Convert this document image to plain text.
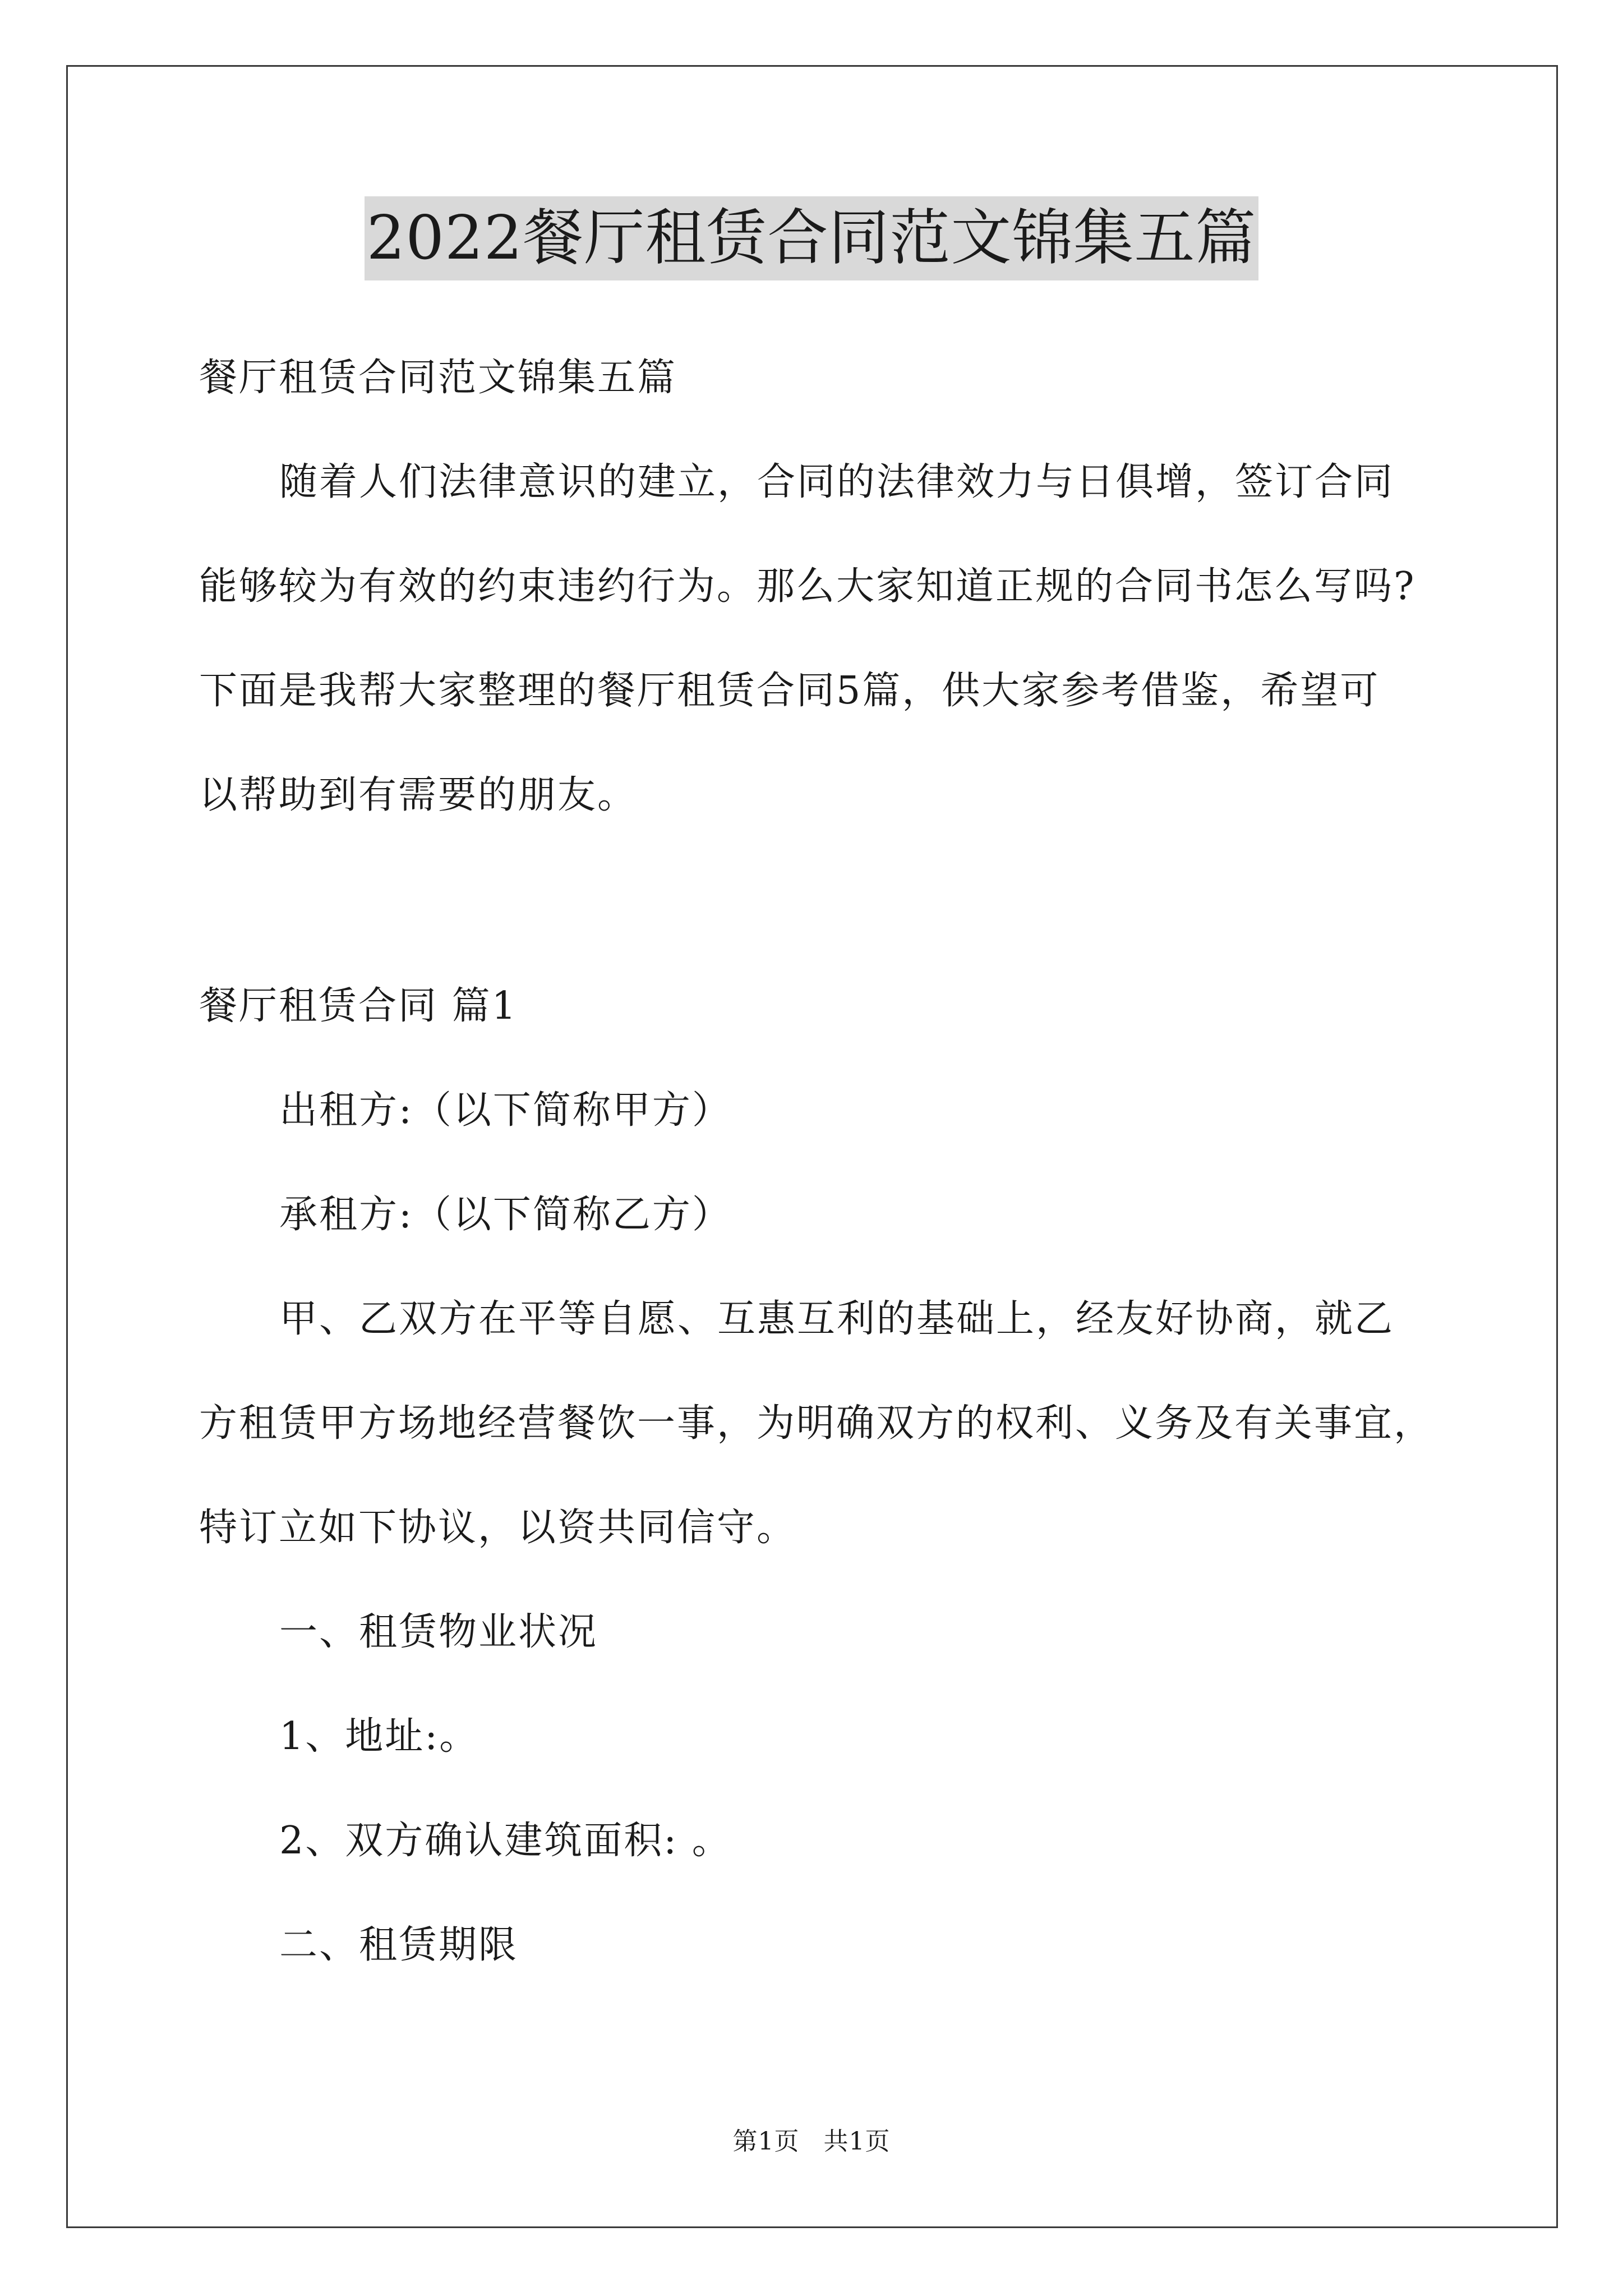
2022餐厅租赁合同范文锦集五篇
餐厅租赁合同范文锦集五篇
随着人们法律意识的建立，合同的法律效力与日俱增，签订合同
能够较为有效的约束违约行为。那么大家知道正规的合同书怎么写吗?
下面是我帮大家整理的餐厅租赁合同5篇，供大家参考借鉴，希望可
以帮助到有需要的朋友。
餐厅租赁合同 篇1
出租方:（以下简称甲方）
承租方:（以下简称乙方）
甲、乙双方在平等自愿、互惠互利的基础上，经友好协商，就乙
方租赁甲方场地经营餐饮一事，为明确双方的权利、义务及有关事宜，
特订立如下协议，以资共同信守。
一、租赁物业状况
1、地址:。
2、双方确认建筑面积: 。
二、租赁期限
第1页 共1页
